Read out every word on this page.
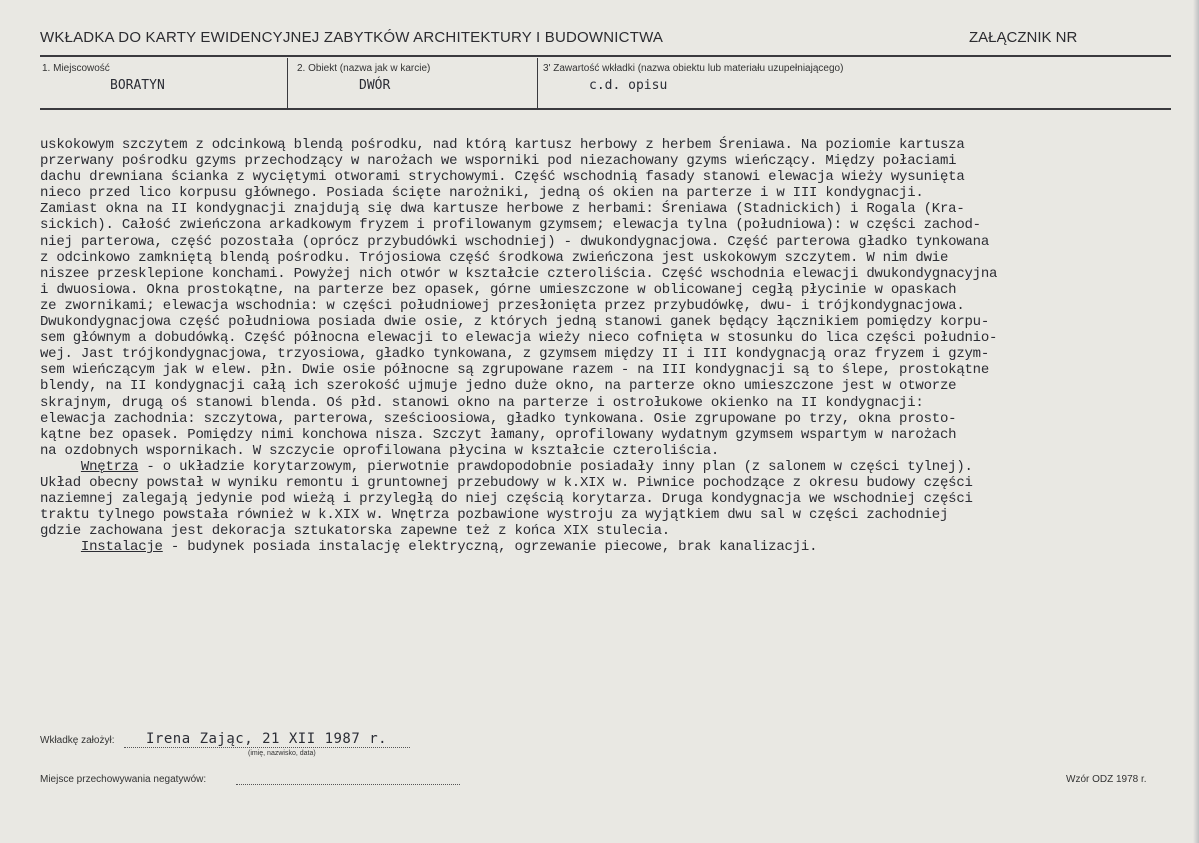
WKŁADKA DO KARTY EWIDENCYJNEJ ZABYTKÓW ARCHITEKTURY I BUDOWNICTWA	ZAŁĄCZNIK NR
1. Miejscowość
BORATYN
2. Obiekt (nazwa jak w karcie)
DWÓR
3' Zawartość wkładki (nazwa obiektu lub materiału uzupełniającego)
c.d. opisu

uskokowym szczytem z odcinkową blendą pośrodku, nad którą kartusz herbowy z herbem Śreniawa. Na poziomie kartusza

przerwany pośrodku gzyms przechodzący w narożach we wsporniki pod niezachowany gzyms wieńczący. Między połaciami

dachu drewniana ścianka z wyciętymi otworami strychowymi. Część wschodnią fasady stanowi elewacja wieży wysunięta

nieco przed lico korpusu głównego. Posiada ścięte narożniki, jedną oś okien na parterze i w III kondygnacji.

Zamiast okna na II kondygnacji znajdują się dwa kartusze herbowe z herbami: Śreniawa (Stadnickich) i Rogala (Kra-

sickich). Całość zwieńczona arkadkowym fryzem i profilowanym gzymsem; elewacja tylna (południowa): w części zachod-

niej parterowa, część pozostała (oprócz przybudówki wschodniej) - dwukondygnacjowa. Część parterowa gładko tynkowana

z odcinkowo zamkniętą blendą pośrodku. Trójosiowa część środkowa zwieńczona jest uskokowym szczytem. W nim dwie

niszee przesklepione konchami. Powyżej nich otwór w kształcie czteroliścia. Część wschodnia elewacji dwukondygnacyjna

i dwuosiowa. Okna prostokątne, na parterze bez opasek, górne umieszczone w oblicowanej cegłą płycinie w opaskach

ze zwornikami; elewacja wschodnia: w części południowej przesłonięta przez przybudówkę, dwu- i trójkondygnacjowa.

Dwukondygnacjowa część południowa posiada dwie osie, z których jedną stanowi ganek będący łącznikiem pomiędzy korpu-

sem głównym a dobudówką. Część północna elewacji to elewacja wieży nieco cofnięta w stosunku do lica części południo-

wej. Jast trójkondygnacjowa, trzyosiowa, gładko tynkowana, z gzymsem między II i III kondygnacją oraz fryzem i gzym-

sem wieńczącym jak w elew. płn. Dwie osie północne są zgrupowane razem - na III kondygnacji są to ślepe, prostokątne

blendy, na II kondygnacji całą ich szerokość ujmuje jedno duże okno, na parterze okno umieszczone jest w otworze

skrajnym, drugą oś stanowi blenda. Oś płd. stanowi okno na parterze i ostrołukowe okienko na II kondygnacji:

elewacja zachodnia: szczytowa, parterowa, sześcioosiowa, gładko tynkowana. Osie zgrupowane po trzy, okna prosto-

kątne bez opasek. Pomiędzy nimi konchowa nisza. Szczyt łamany, oprofilowany wydatnym gzymsem wspartym w narożach

na ozdobnych wspornikach. W szczycie oprofilowana płycina w kształcie czteroliścia.

Wnętrza - o układzie korytarzowym, pierwotnie prawdopodobnie posiadały inny plan (z salonem w części tylnej).

Układ obecny powstał w wyniku remontu i gruntownej przebudowy w k.XIX w. Piwnice pochodzące z okresu budowy części

naziemnej zalegają jedynie pod wieżą i przyległą do niej częścią korytarza. Druga kondygnacja we wschodniej części

traktu tylnego powstała również w k.XIX w. Wnętrza pozbawione wystroju za wyjątkiem dwu sal w części zachodniej

gdzie zachowana jest dekoracja sztukatorska zapewne też z końca XIX stulecia.

Instalacje - budynek posiada instalację elektryczną, ogrzewanie piecowe, brak kanalizacji.

Wkładkę założył: Irena Zając, 21 XII 1987 r.
(imię, nazwisko, data)
Miejsce przechowywania negatywów:	Wzór ODZ 1978 r.
